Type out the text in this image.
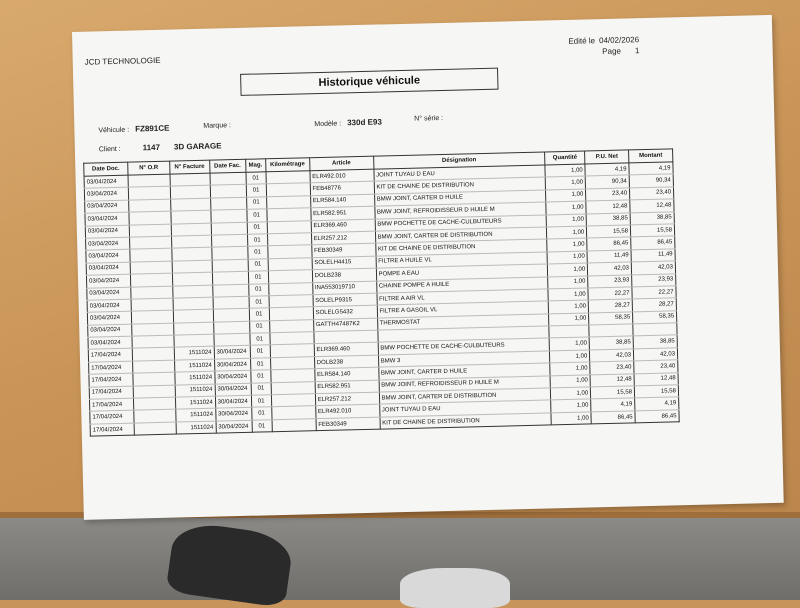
JCD TECHNOLOGIE
Edité le 04/02/2026
Page 1
Historique véhicule
Véhicule : FZ891CE	Marque :	Modèle : 330d E93	N° série :
Client :	1147 3D GARAGE
Date Doc.	N° O.R	N° Facture	Date Fac.	Mag.	Kilométrage	Article	Désignation	Quantité	P.U. Net	Montant
03/04/2024				01		ELR492.010	JOINT TUYAU D EAU	1,00	4,19	4,19
03/04/2024				01		FEB48776	KIT DE CHAINE DE DISTRIBUTION	1,00	90,34	90,34
03/04/2024				01		ELR584.140	BMW JOINT, CARTER D HUILE	1,00	23,40	23,40
03/04/2024				01		ELR582.951	BMW JOINT, REFROIDISSEUR D HUILE M	1,00	12,48	12,48
03/04/2024				01		ELR369.460	BMW POCHETTE DE CACHE-CULBUTEURS	1,00	38,85	38,85
03/04/2024				01		ELR257.212	BMW JOINT, CARTER DE DISTRIBUTION	1,00	15,58	15,58
03/04/2024				01		FEB30349	KIT DE CHAINE DE DISTRIBUTION	1,00	86,45	86,45
03/04/2024				01		SOLELH4415	FILTRE A HUILE VL	1,00	11,49	11,49
03/04/2024				01		DOLB238	POMPE A EAU	1,00	42,03	42,03
03/04/2024				01		INA553019710	CHAINE POMPE A HUILE	1,00	23,93	23,93
03/04/2024				01		SOLELP9315	FILTRE A AIR VL	1,00	22,27	22,27
03/04/2024				01		SOLELG5432	FILTRE A GASOIL VL	1,00	28,27	28,27
03/04/2024				01		GATTH47487K2	THERMOSTAT	1,00	58,35	58,35
03/04/2024				01						
17/04/2024		1511024	30/04/2024	01		ELR369.460	BMW POCHETTE DE CACHE-CULBUTEURS	1,00	38,85	38,85
17/04/2024		1511024	30/04/2024	01		DOLB238	BMW 3	1,00	42,03	42,03
17/04/2024		1511024	30/04/2024	01		ELR584.140	BMW JOINT, CARTER D HUILE	1,00	23,40	23,40
17/04/2024		1511024	30/04/2024	01		ELR582.951	BMW JOINT, REFROIDISSEUR D HUILE M	1,00	12,48	12,48
17/04/2024		1511024	30/04/2024	01		ELR257.212	BMW JOINT, CARTER DE DISTRIBUTION	1,00	15,58	15,58
17/04/2024		1511024	30/04/2024	01		ELR492.010	JOINT TUYAU D EAU	1,00	4,19	4,19
17/04/2024		1511024	30/04/2024	01		FEB30349	KIT DE CHAINE DE DISTRIBUTION	1,00	86,45	86,45
